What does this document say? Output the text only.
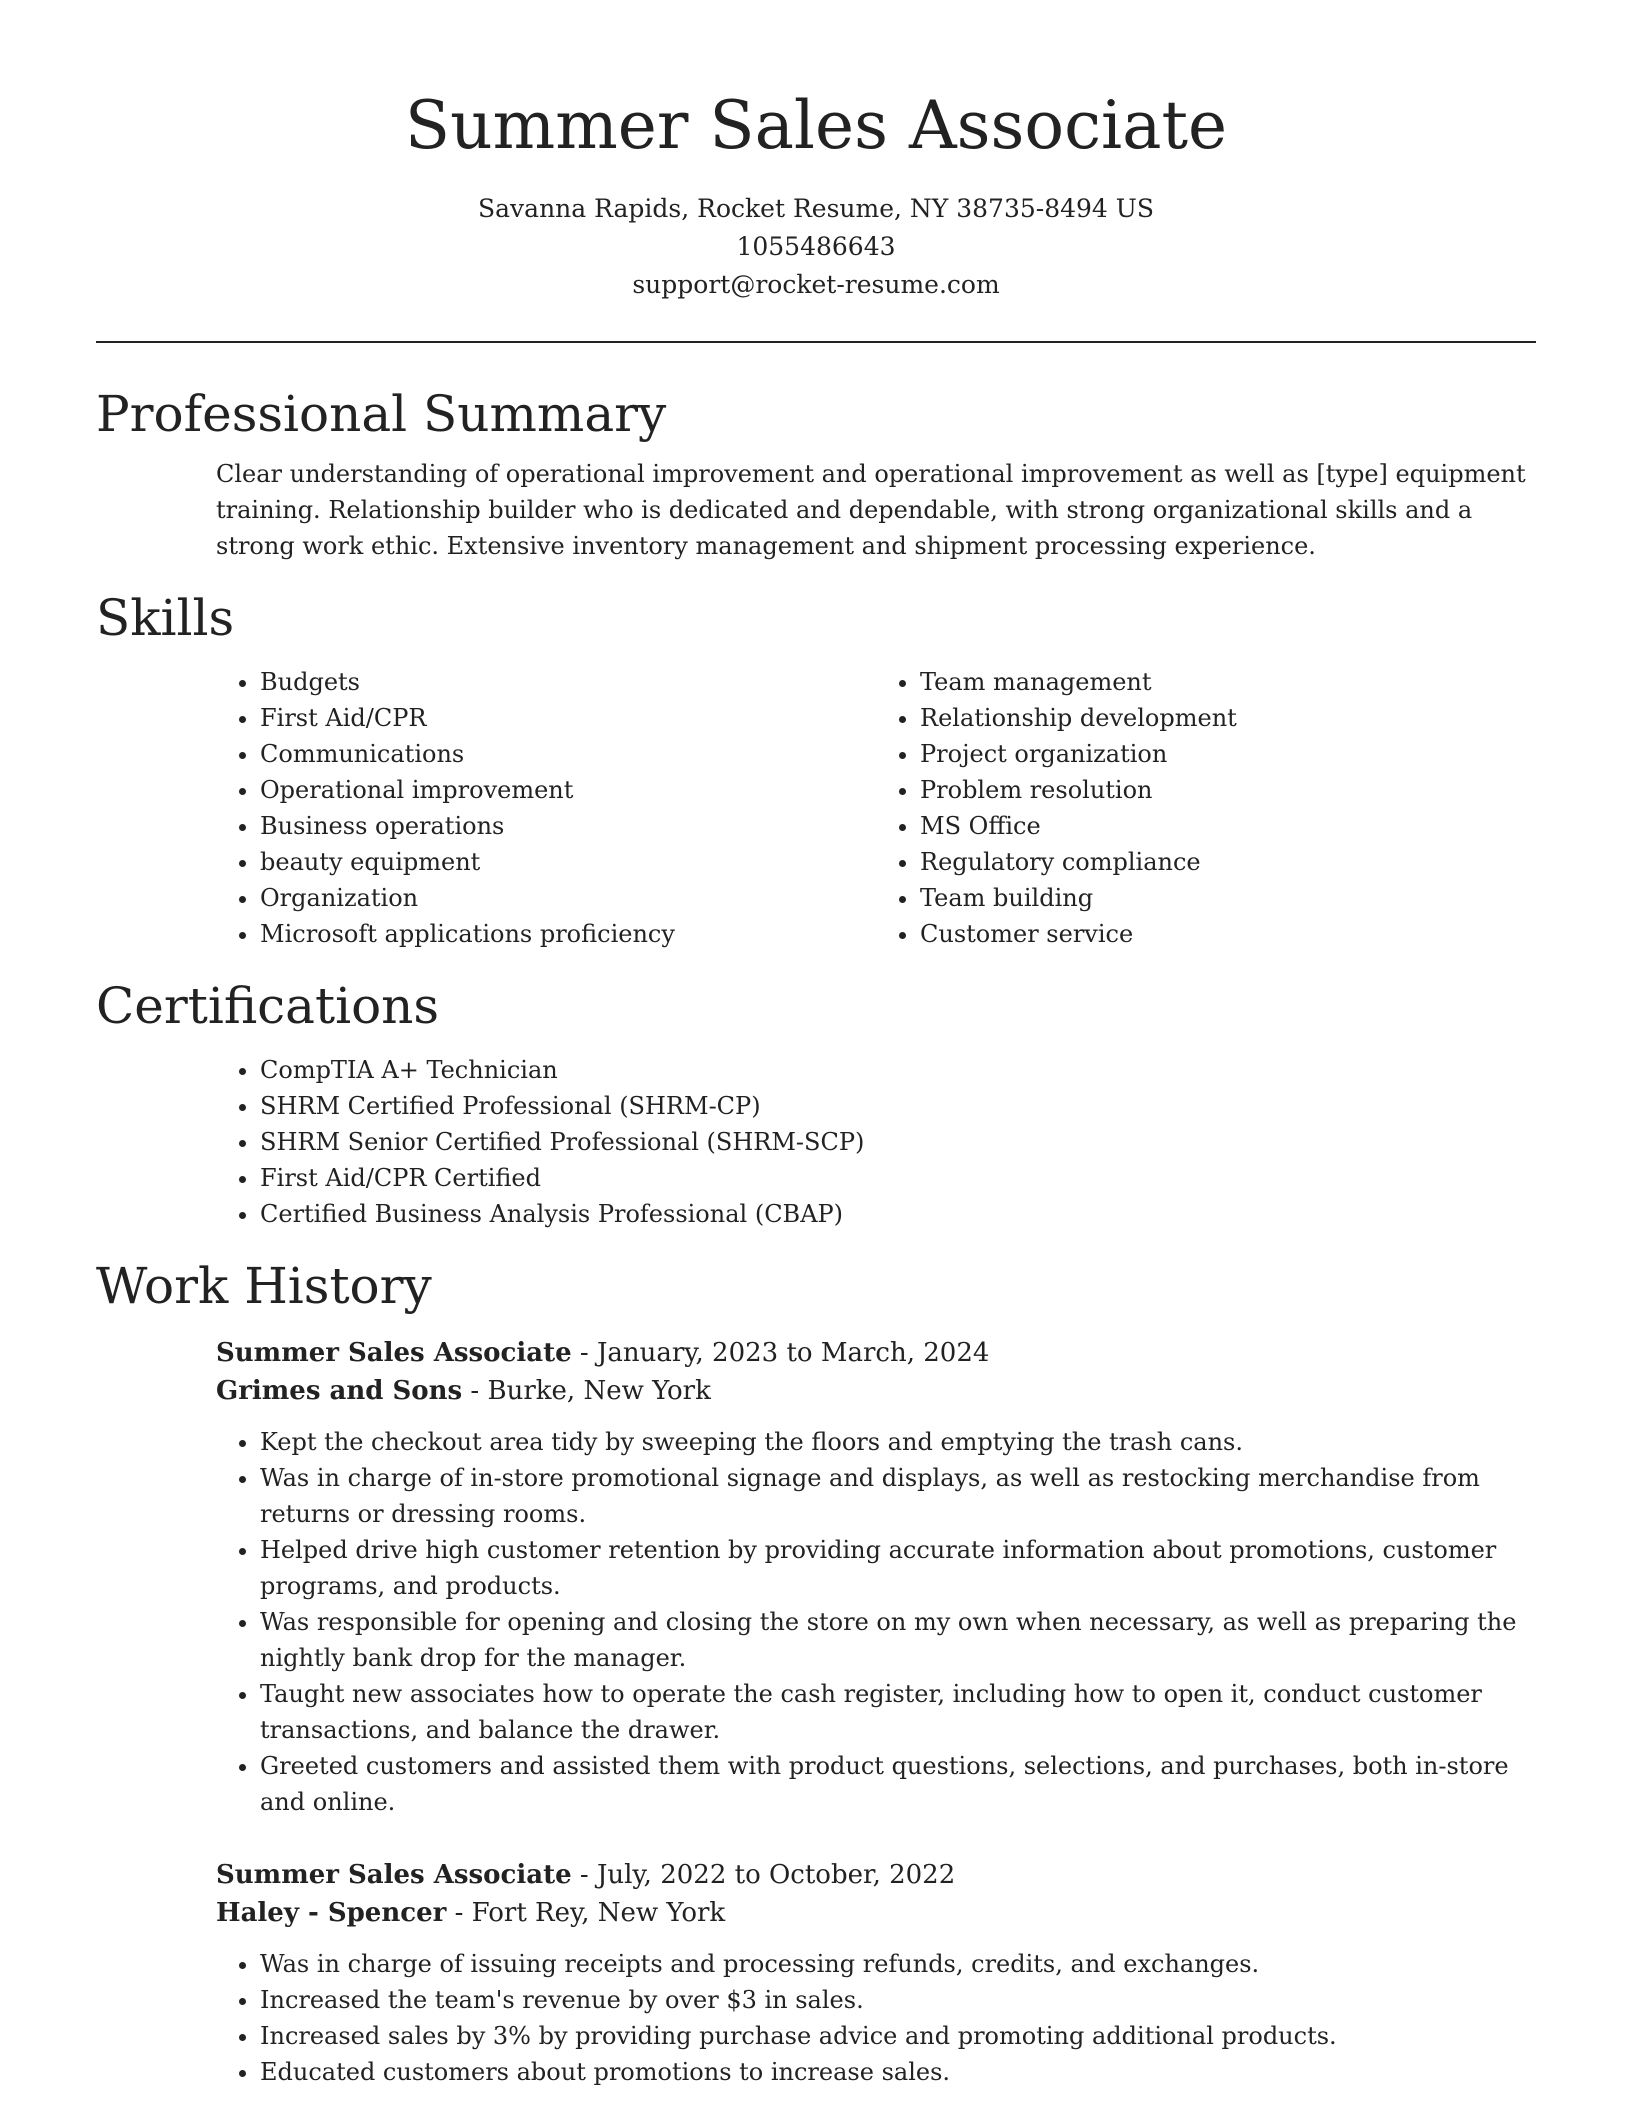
Summer Sales Associate
Savanna Rapids, Rocket Resume, NY 38735-8494 US
1055486643
support@rocket-resume.com
Professional Summary

Clear understanding of operational improvement and operational improvement as well as [type] equipment training. Relationship builder who is dedicated and dependable, with strong organizational skills and a strong work ethic. Extensive inventory management and shipment processing experience.

Skills
• Budgets
• First Aid/CPR
• Communications
• Operational improvement
• Business operations
• beauty equipment
• Organization
• Microsoft applications proficiency
• Team management
• Relationship development
• Project organization
• Problem resolution
• MS Office
• Regulatory compliance
• Team building
• Customer service
Certifications
• CompTIA A+ Technician
• SHRM Certified Professional (SHRM-CP)
• SHRM Senior Certified Professional (SHRM-SCP)
• First Aid/CPR Certified
• Certified Business Analysis Professional (CBAP)
Work History
Summer Sales Associate - January, 2023 to March, 2024
Grimes and Sons - Burke, New York
• Kept the checkout area tidy by sweeping the floors and emptying the trash cans.
• Was in charge of in-store promotional signage and displays, as well as restocking merchandise from returns or dressing rooms.
• Helped drive high customer retention by providing accurate information about promotions, customer programs, and products.
• Was responsible for opening and closing the store on my own when necessary, as well as preparing the nightly bank drop for the manager.
• Taught new associates how to operate the cash register, including how to open it, conduct customer transactions, and balance the drawer.
• Greeted customers and assisted them with product questions, selections, and purchases, both in-store and online.
Summer Sales Associate - July, 2022 to October, 2022
Haley - Spencer - Fort Rey, New York
• Was in charge of issuing receipts and processing refunds, credits, and exchanges.
• Increased the team's revenue by over $3 in sales.
• Increased sales by 3% by providing purchase advice and promoting additional products.
• Educated customers about promotions to increase sales.
